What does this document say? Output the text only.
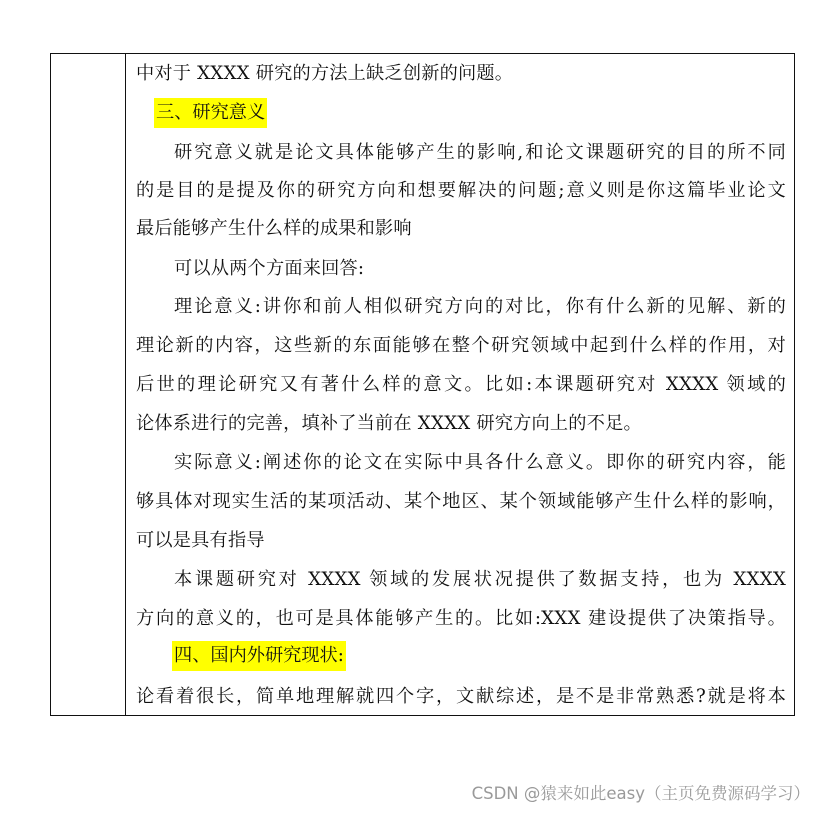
中对于 XXXX 研究的方法上缺乏创新的问题。
三、研究意义
研究意义就是论文具体能够产生的影响,和论文课题研究的目的所不同
的是目的是提及你的研究方向和想要解决的问题;意义则是你这篇毕业论文
最后能够产生什么样的成果和影响
可以从两个方面来回答:
理论意义:讲你和前人相似研究方向的对比，你有什么新的见解、新的
理论新的内容，这些新的东面能够在整个研究领域中起到什么样的作用，对
后世的理论研究又有著什么样的意文。比如:本课题研究对 XXXX 领域的
论体系进行的完善，填补了当前在 XXXX 研究方向上的不足。
实际意义:阐述你的论文在实际中具各什么意义。即你的研究内容，能
够具体对现实生活的某项活动、某个地区、某个领域能够产生什么样的影响，
可以是具有指导
本课题研究对 XXXX 领域的发展状况提供了数据支持，也为 XXXX
方向的意义的，也可是具体能够产生的。比如:XXX 建设提供了决策指导。
四、国内外研究现状:
论看着很长，简单地理解就四个字，文献综述，是不是非常熟悉?就是将本
CSDN @猿来如此easy（主页免费源码学习）
